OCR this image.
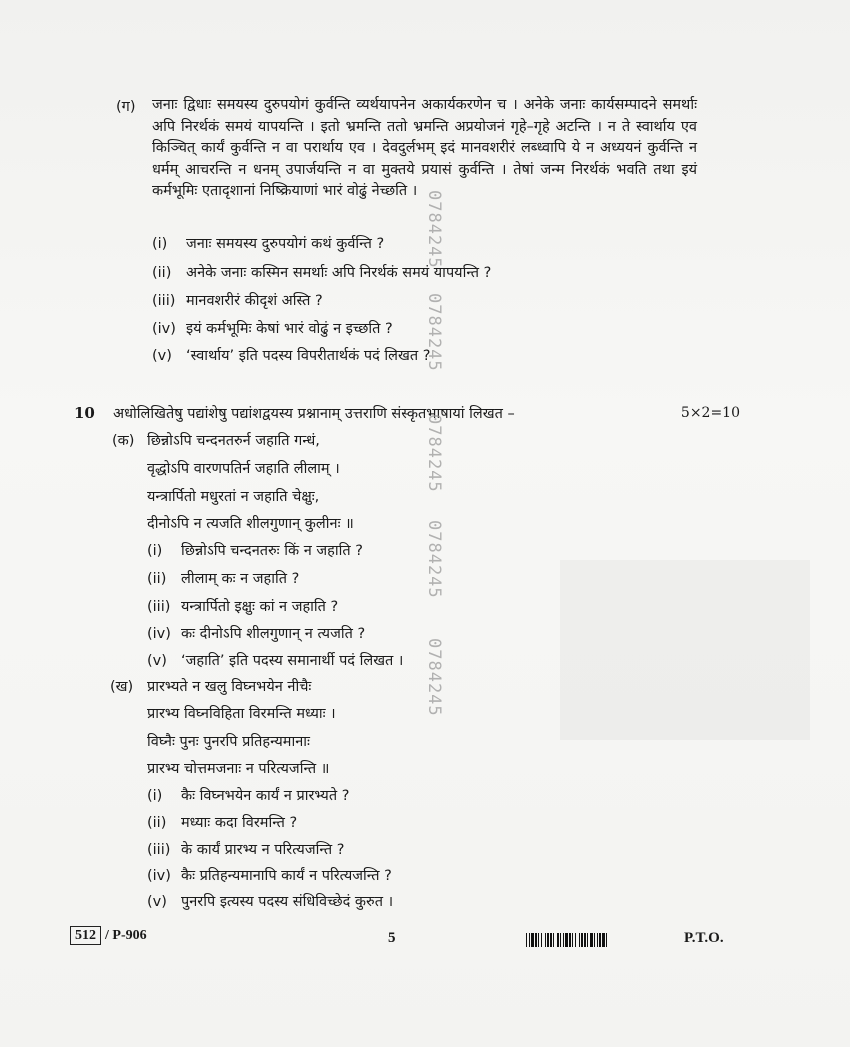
(ग) जनाः द्विधाः समयस्य दुरुपयोगं कुर्वन्ति व्यर्थयापनेन अकार्यकरणेन च । अनेके जनाः कार्यसम्पादने समर्थाः अपि निरर्थकं समयं यापयन्ति । इतो भ्रमन्ति ततो भ्रमन्ति अप्रयोजनं गृहे–गृहे अटन्ति । न ते स्वार्थाय एव किञ्चित् कार्यं कुर्वन्ति न वा परार्थाय एव । देवदुर्लभम् इदं मानवशरीरं लब्ध्वापि ये न अध्ययनं कुर्वन्ति न धर्मम् आचरन्ति न धनम् उपार्जयन्ति न वा मुक्तये प्रयासं कुर्वन्ति । तेषां जन्म निरर्थकं भवति तथा इयं कर्मभूमिः एतादृशानां निष्क्रियाणां भारं वोढुं नेच्छति ।
(i) जनाः समयस्य दुरुपयोगं कथं कुर्वन्ति ?
(ii) अनेके जनाः कस्मिन समर्थाः अपि निरर्थकं समयं यापयन्ति ?
(iii) मानवशरीरं कीदृशं अस्ति ?
(iv) इयं कर्मभूमिः केषां भारं वोढुं न इच्छति ?
(v) ‘स्वार्थाय’ इति पदस्य विपरीतार्थकं पदं लिखत ?
10 अधोलिखितेषु पद्यांशेषु पद्यांशद्वयस्य प्रश्नानाम् उत्तराणि संस्कृतभाषायां लिखत –	5×2=10
(क) छिन्नोऽपि चन्दनतरुर्न जहाति गन्धं,
वृद्धोऽपि वारणपतिर्न जहाति लीलाम् ।
यन्त्रार्पितो मधुरतां न जहाति चेक्षुः,
दीनोऽपि न त्यजति शीलगुणान् कुलीनः ॥
(i) छिन्नोऽपि चन्दनतरुः किं न जहाति ?
(ii) लीलाम् कः न जहाति ?
(iii) यन्त्रार्पितो इक्षुः कां न जहाति ?
(iv) कः दीनोऽपि शीलगुणान् न त्यजति ?
(v) ‘जहाति’ इति पदस्य समानार्थी पदं लिखत ।
(ख) प्रारभ्यते न खलु विघ्नभयेन नीचैः
प्रारभ्य विघ्नविहिता विरमन्ति मध्याः ।
विघ्नैः पुनः पुनरपि प्रतिहन्यमानाः
प्रारभ्य चोत्तमजनाः न परित्यजन्ति ॥
(i) कैः विघ्नभयेन कार्यं न प्रारभ्यते ?
(ii) मध्याः कदा विरमन्ति ?
(iii) के कार्यं प्रारभ्य न परित्यजन्ति ?
(iv) कैः प्रतिहन्यमानापि कार्यं न परित्यजन्ति ?
(v) पुनरपि इत्यस्य पदस्य संधिविच्छेदं कुरुत ।
0784245
0784245
0784245
0784245
0784245
512 / P-906	5	P.T.O.
